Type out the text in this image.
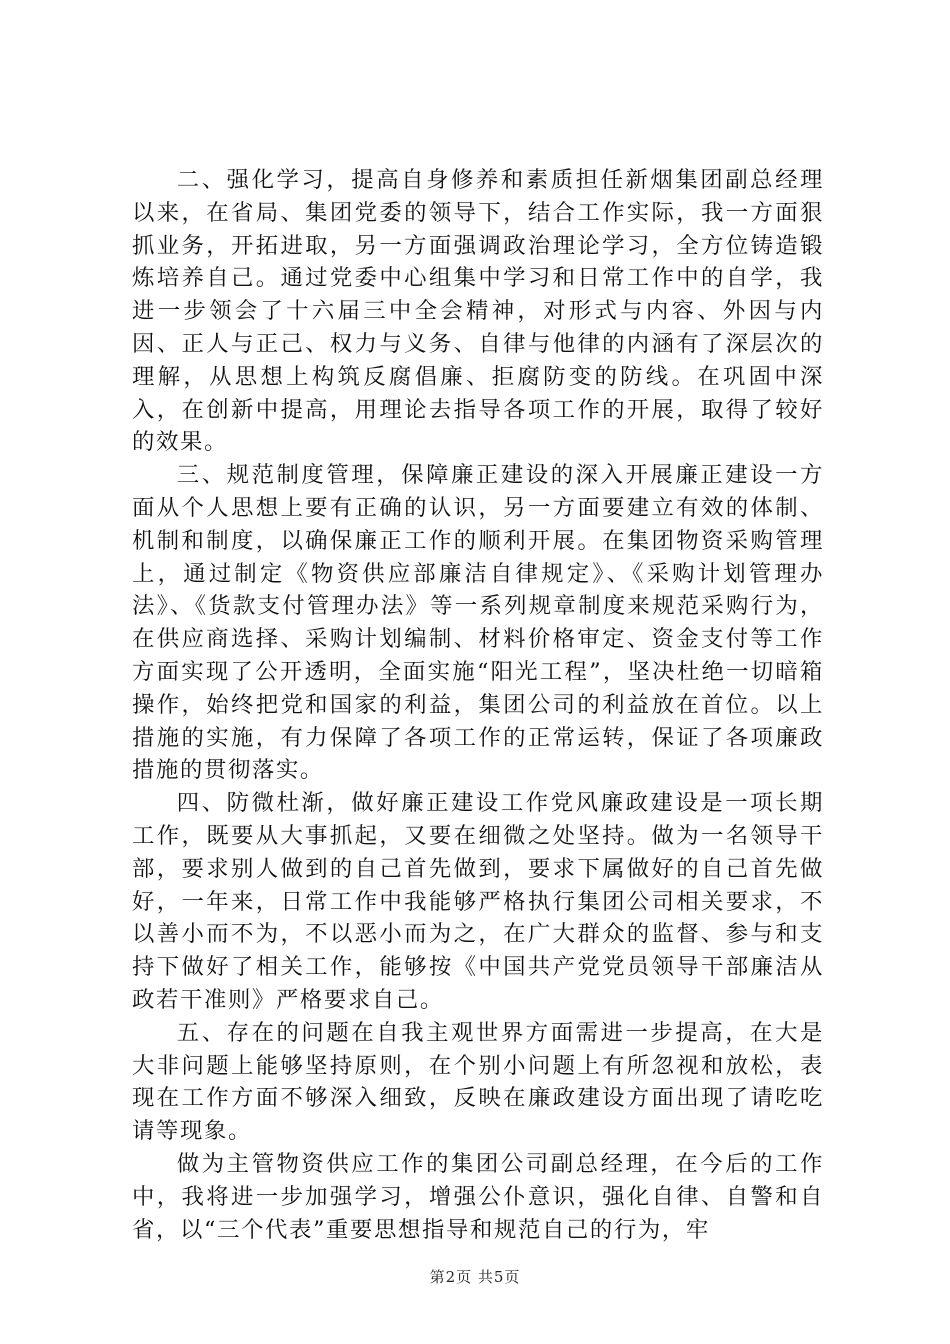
二、强化学习，提高自身修养和素质担任新烟集团副总经理以来，在省局、集团党委的领导下，结合工作实际，我一方面狠抓业务，开拓进取，另一方面强调政治理论学习，全方位铸造锻炼培养自己。通过党委中心组集中学习和日常工作中的自学，我进一步领会了十六届三中全会精神，对形式与内容、外因与内因、正人与正己、权力与义务、自律与他律的内涵有了深层次的理解，从思想上构筑反腐倡廉、拒腐防变的防线。在巩固中深入，在创新中提高，用理论去指导各项工作的开展，取得了较好的效果。

三、规范制度管理，保障廉正建设的深入开展廉正建设一方面从个人思想上要有正确的认识，另一方面要建立有效的体制、机制和制度，以确保廉正工作的顺利开展。在集团物资采购管理上，通过制定《物资供应部廉洁自律规定》、《采购计划管理办法》、《货款支付管理办法》等一系列规章制度来规范采购行为，在供应商选择、采购计划编制、材料价格审定、资金支付等工作方面实现了公开透明，全面实施“阳光工程”，坚决杜绝一切暗箱操作，始终把党和国家的利益，集团公司的利益放在首位。以上措施的实施，有力保障了各项工作的正常运转，保证了各项廉政措施的贯彻落实。

四、防微杜渐，做好廉正建设工作党风廉政建设是一项长期工作，既要从大事抓起，又要在细微之处坚持。做为一名领导干部，要求别人做到的自己首先做到，要求下属做好的自己首先做好，一年来，日常工作中我能够严格执行集团公司相关要求，不以善小而不为，不以恶小而为之，在广大群众的监督、参与和支持下做好了相关工作，能够按《中国共产党党员领导干部廉洁从政若干准则》严格要求自己。

五、存在的问题在自我主观世界方面需进一步提高，在大是大非问题上能够坚持原则，在个别小问题上有所忽视和放松，表现在工作方面不够深入细致，反映在廉政建设方面出现了请吃吃请等现象。

做为主管物资供应工作的集团公司副总经理，在今后的工作中，我将进一步加强学习，增强公仆意识，强化自律、自警和自省，以“三个代表”重要思想指导和规范自己的行为，牢

第2页 共5页
